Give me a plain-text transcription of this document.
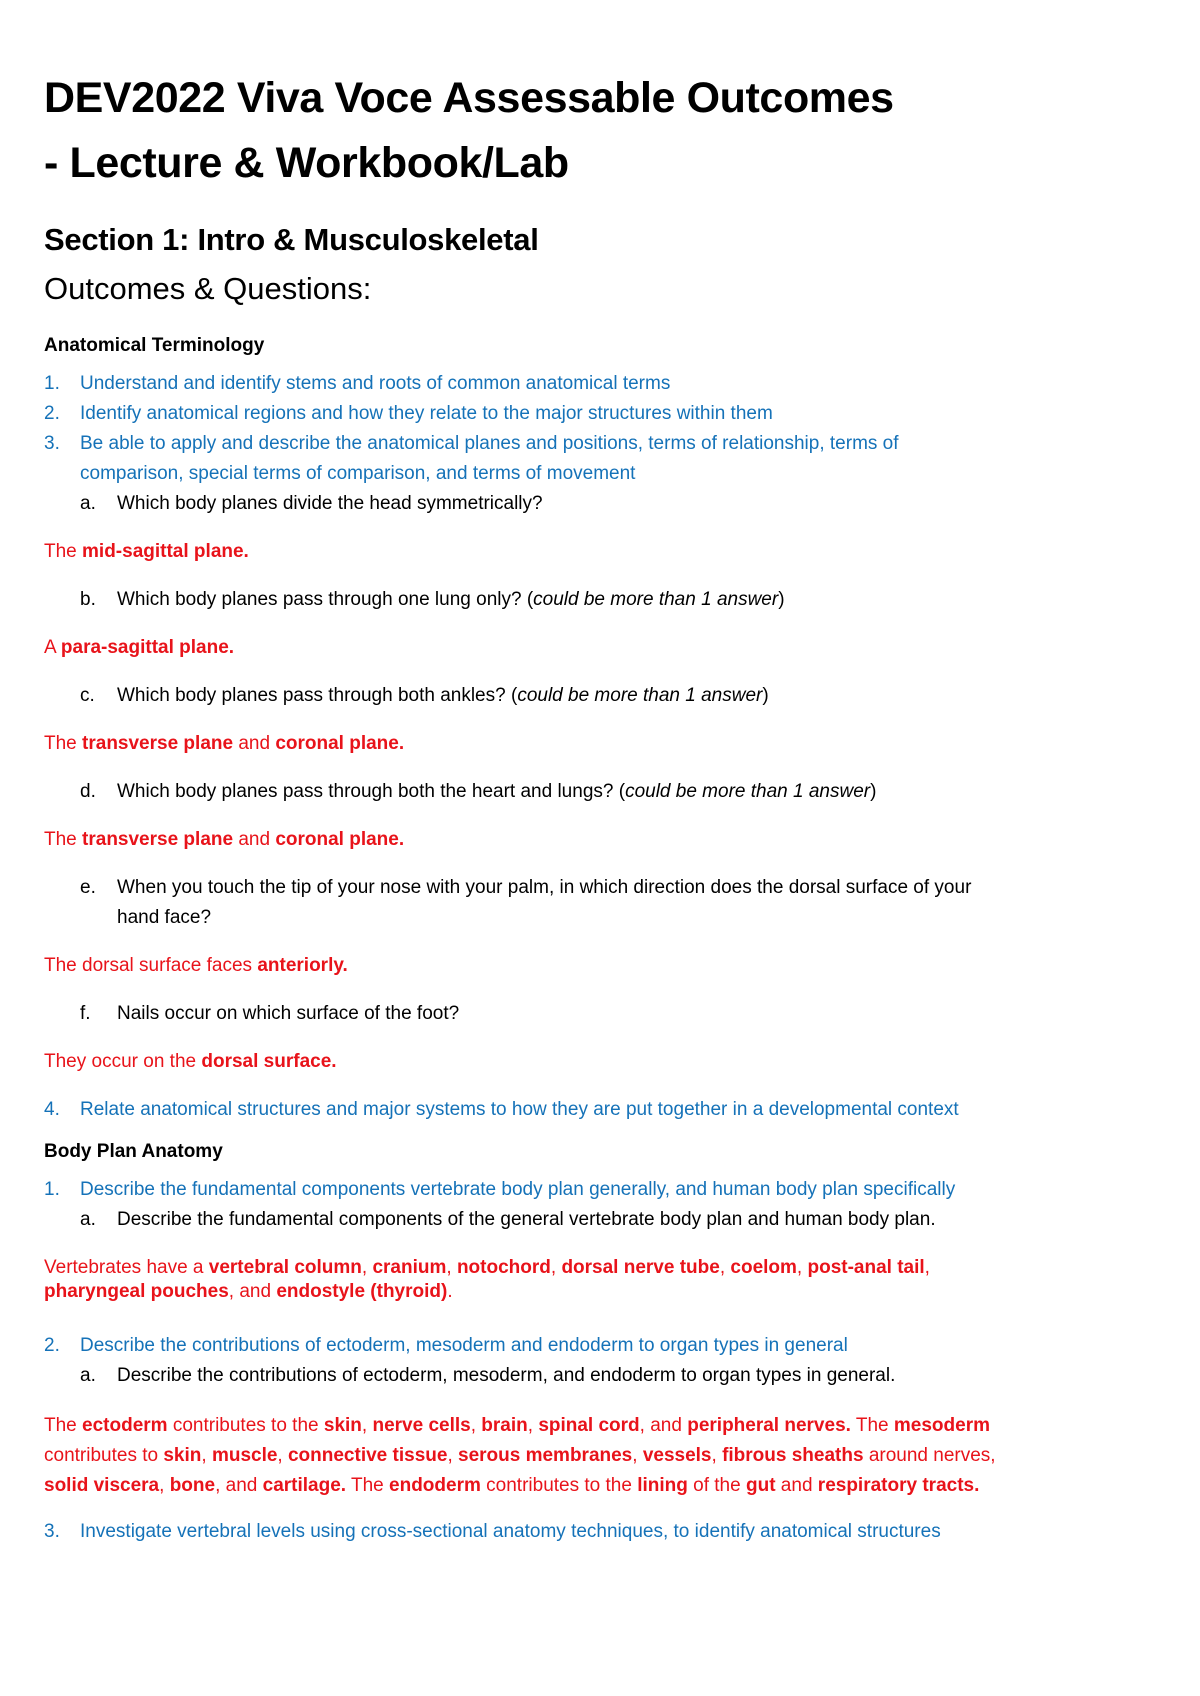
DEV2022 Viva Voce Assessable Outcomes
- Lecture & Workbook/Lab
Section 1: Intro & Musculoskeletal
Outcomes & Questions:
Anatomical Terminology
1. Understand and identify stems and roots of common anatomical terms
2. Identify anatomical regions and how they relate to the major structures within them
3. Be able to apply and describe the anatomical planes and positions, terms of relationship, terms of
comparison, special terms of comparison, and terms of movement
a. Which body planes divide the head symmetrically?
The mid-sagittal plane.
b. Which body planes pass through one lung only? (could be more than 1 answer)
A para-sagittal plane.
c. Which body planes pass through both ankles? (could be more than 1 answer)
The transverse plane and coronal plane.
d. Which body planes pass through both the heart and lungs? (could be more than 1 answer)
The transverse plane and coronal plane.
e. When you touch the tip of your nose with your palm, in which direction does the dorsal surface of your
hand face?
The dorsal surface faces anteriorly.
f. Nails occur on which surface of the foot?
They occur on the dorsal surface.
4. Relate anatomical structures and major systems to how they are put together in a developmental context
Body Plan Anatomy
1. Describe the fundamental components vertebrate body plan generally, and human body plan specifically
a. Describe the fundamental components of the general vertebrate body plan and human body plan.
Vertebrates have a vertebral column, cranium, notochord, dorsal nerve tube, coelom, post-anal tail,
pharyngeal pouches, and endostyle (thyroid).
2. Describe the contributions of ectoderm, mesoderm and endoderm to organ types in general
a. Describe the contributions of ectoderm, mesoderm, and endoderm to organ types in general.
The ectoderm contributes to the skin, nerve cells, brain, spinal cord, and peripheral nerves. The mesoderm
contributes to skin, muscle, connective tissue, serous membranes, vessels, fibrous sheaths around nerves,
solid viscera, bone, and cartilage. The endoderm contributes to the lining of the gut and respiratory tracts.
3. Investigate vertebral levels using cross-sectional anatomy techniques, to identify anatomical structures
